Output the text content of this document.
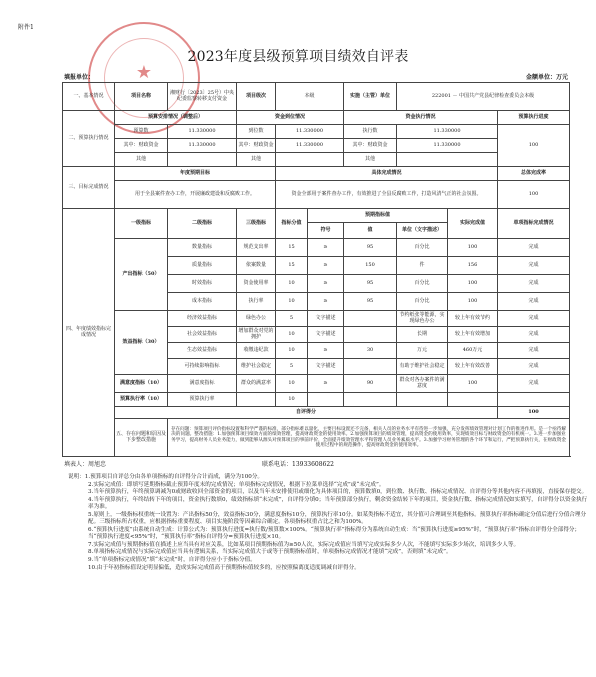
附件1
★
2023年度县级预算项目绩效自评表
填报单位：	金额单位：万元
一、基本情况	项目名称	湘财行〔2023〕25号）中央纪委监察转移支付资金	项目级次	本级		实施（主管）单位	222001 － 中国共产党县纪律检查委员会本级			
二、预算执行情况	预算安排情况（调整后）		资金到位情况			资金执行情况			预算执行进度	
	预算数	11.330000	到位数	11.330000		执行数	11.330000		100	
	其中：财政资金	11.330000	其中：财政资金	11.330000		其中：财政资金	11.330000			
	其他		其他			其他				
三、目标完成情况	年度预期目标			具体完成情况					总体完成率	
	用于全县案件查办工作，开展廉政建设和反腐败工作。			资金全部用于案件查办工作，有效推进了全县反腐败工作，打造风清气正的社会氛围。					100	
四、年度绩效指标完成情况	一级指标	二级指标	三级指标	指标分值	预期指标值			实际完成值	单项指标完成情况	
					符号	值	单位（文字描述）			
	产出指标（50）	数量指标	规范支出率	15	≥	95	百分比	100	完成	
		质量指标	依案数量	15	≥	150	件	156	完成	
		时效指标	资金使用率	10	≥	95	百分比	100	完成	
		成本指标	执行率	10	≥	95	百分比	100	完成	
	效益指标（30）	经济效益指标	绿色办公	5	文字描述		节约纸张等能源，实现绿色办公	较上年有效节约	完成	
		社会效益指标	增加群众对党的拥护	10	文字描述		长期	较上年有效增加	完成	
		生态效益指标	收缴违纪款	10	≥	30	万元	460万元	完成	
		可持续影响指标	维护社会稳定	5	文字描述		有助于维护社会稳定	较上年有效改善	完成	
	满意度指标（10）	满意度指标	群众的满意率	10	≥	90	群众对各办案件的满意度	100	完成	
	预算执行率（10）	预算执行率		10						
	自评得分								100	
	五、存在问题和原因及下步整改措施	存在问题：预算项目评价指标设置和科学严谨的标准，部分指标难以量化，主要目标设置还不完备，相关人员的业务水平有待进一步加强，充分发挥绩效管理对计划工作的推进作用。是一个亟待解决的问题。整改措施：1.加强预算项目绩效方面的绩效管理，提高财政资金的使用效率。2.加强预算项目的绩效管理，提高资金的使用效率，实现绩效目标与财政资金的有机统一。3.进一步加强业务学习，提高财务人员业务能力，做到能够从源头对预算项目的事前评价，全面提升绩效管理水平和管理人员业务素质水平。3.加强学习财务管理的各个环节和运行，严把预算执行关，在财政资金使用过程中的规范操作，提高财政资金的使用效率。								
填表人：周旭忠	联系电话：13933608622

说明：1.预算项目自评总分由各单项指标的自评得分合计而成，满分为100分。

2.实际完成值：即填写延期指标截止预算年度末的完成情况；单项指标完成情况，根据下拉菜单选择“完成”或“未完成”。

3.当年预算执行，年终预算调减为0或财政收回全部资金的项目，以及当年未安排使用或细化为具体项目的，预算数填0，到位数、执行数、指标完成情况、自评得分等其他内容不再填报，直接保存提交。

4.当年预算执行，年终结转下年的项目，资金执行数填0，绩效指标填“未完成”，自评得分填0；当年预算部分执行，剩余资金结转下年的项目，资金执行数、指标完成情况如实填写，自评得分以资金执行率为准。

5.原则上，一级指标权重统一设置为：产出指标50分，效益指标30分，满意度指标10分，预算执行率10分。如某类指标不适宜，其分值可合理调至其他指标。预算执行率指标确定分值后进行分值合理分配。三级指标所占权重，应根据指标重要程度、项目实施阶段等因素综合确定。各项指标权重占比之和为100%。

6.“预算执行进度”由系统自动生成：计算公式为：预算执行进度=执行数/预算数×100%。“预算执行率”指标得分为系统自动生成：当“预算执行进度≥95%”时，“预算执行率”指标自评得分全部得分；当“预算执行进度<95%”时，“预算执行率”指标自评得分=预算执行进度×10。

7.实际完成值与预期指标值在描述上应当具有对应关系，比如某项目预期指标值为≥50人次，实际完成值应当填写完成实际多少人次，不能填写实际多少场次，培训多少人等。

8.单项指标完成情况与实际完成值应当具有逻辑关系，当实际完成值大于或等于预期指标值时，单项指标完成情况才能填“完成”，否则填“未完成”。

9.当“单项指标完成情况”填“未完成”时，自评得分应小于指标分值。

10.由于年初指标值设定明显偏低，造成实际完成值高于预期指标值较多的，应按照偏离度适度调减自评得分。
